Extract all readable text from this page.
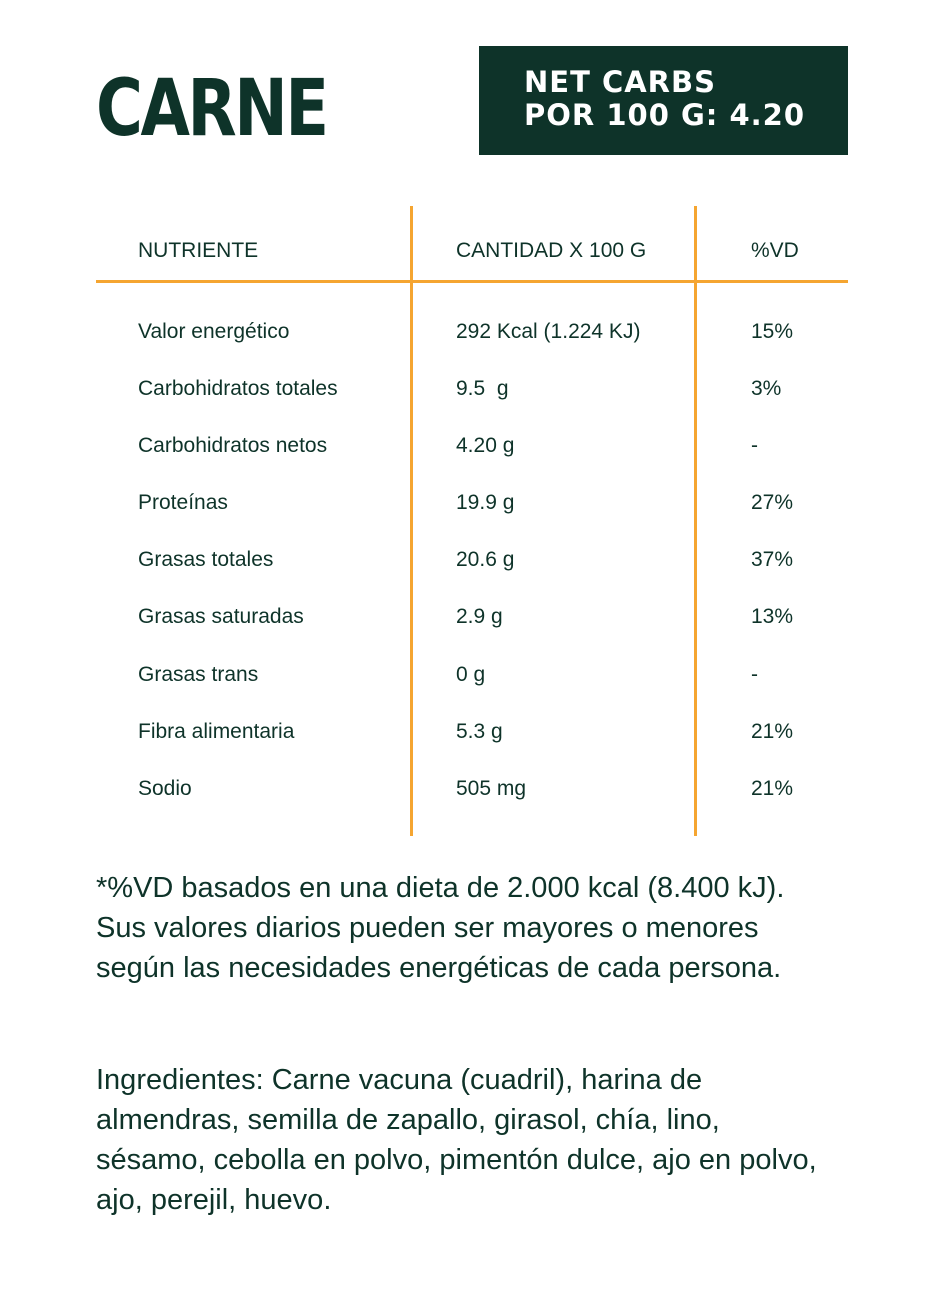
CARNE	NET CARBS
POR 100 G: 4.20
NUTRIENTE	CANTIDAD X 100 G	%VD
Valor energético	292 Kcal (1.224 KJ)	15%
Carbohidratos totales	9.5  g	3%
Carbohidratos netos	4.20 g	-
Proteínas	19.9 g	27%
Grasas totales	20.6 g	37%
Grasas saturadas	2.9 g	13%
Grasas trans	0 g	-
Fibra alimentaria	5.3 g	21%
Sodio	505 mg	21%
*%VD basados en una dieta de 2.000 kcal (8.400 kJ). Sus valores diarios pueden ser mayores o menores según las necesidades energéticas de cada persona.
Ingredientes: Carne vacuna (cuadril), harina de almendras, semilla de zapallo, girasol, chía, lino, sésamo, cebolla en polvo, pimentón dulce, ajo en polvo, ajo, perejil, huevo.
